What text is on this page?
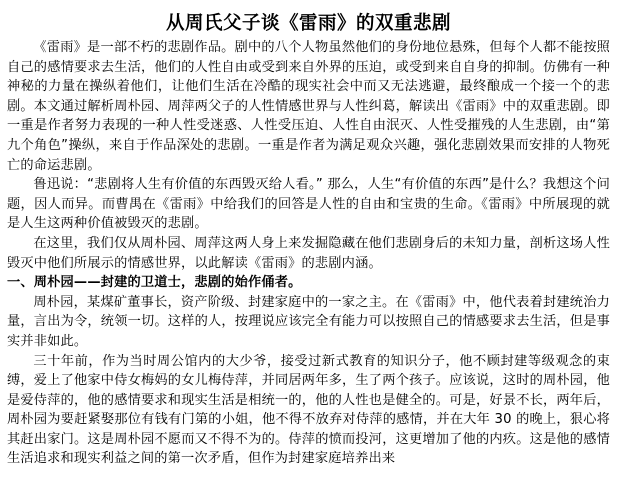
从周氏父子谈《雷雨》的双重悲剧

《雷雨》是一部不朽的悲剧作品。剧中的八个人物虽然他们的身份地位悬殊，但每个人都不能按照自己的感情要求去生活，他们的人性自由或受到来自外界的压迫，或受到来自自身的抑制。仿佛有一种神秘的力量在操纵着他们，让他们生活在冷酷的现实社会中而又无法逃避，最终酿成一个接一个的悲剧。本文通过解析周朴园、周萍两父子的人性情感世界与人性纠葛，解读出《雷雨》中的双重悲剧。即一重是作者努力表现的一种人性受迷惑、人性受压迫、人性自由泯灭、人性受摧残的人生悲剧，由“第九个角色”操纵，来自于作品深处的悲剧。一重是作者为满足观众兴趣，强化悲剧效果而安排的人物死亡的命运悲剧。

鲁迅说：“悲剧将人生有价值的东西毁灭给人看。” 那么，人生“有价值的东西”是什么？我想这个问题，因人而异。而曹禺在《雷雨》中给我们的回答是人性的自由和宝贵的生命。《雷雨》中所展现的就是人生这两种价值被毁灭的悲剧。

在这里，我们仅从周朴园、周萍这两人身上来发掘隐藏在他们悲剧身后的未知力量，剖析这场人性毁灭中他们所展示的情感世界，以此解读《雷雨》的悲剧内涵。

一、周朴园——封建的卫道士，悲剧的始作俑者。

周朴园，某煤矿董事长，资产阶级、封建家庭中的一家之主。在《雷雨》中，他代表着封建统治力量，言出为令，统领一切。这样的人，按理说应该完全有能力可以按照自己的情感要求去生活，但是事实并非如此。

三十年前，作为当时周公馆内的大少爷，接受过新式教育的知识分子，他不顾封建等级观念的束缚，爱上了他家中侍女梅妈的女儿梅侍萍，并同居两年多，生了两个孩子。应该说，这时的周朴园，他是爱侍萍的，他的感情要求和现实生活是相统一的，他的人性也是健全的。可是，好景不长，两年后，周朴园为要赶紧娶那位有钱有门第的小姐，他不得不放弃对侍萍的感情，并在大年 30 的晚上，狠心将其赶出家门。这是周朴园不愿而又不得不为的。侍萍的愤而投河，这更增加了他的内疚。这是他的感情生活追求和现实利益之间的第一次矛盾，但作为封建家庭培养出来
